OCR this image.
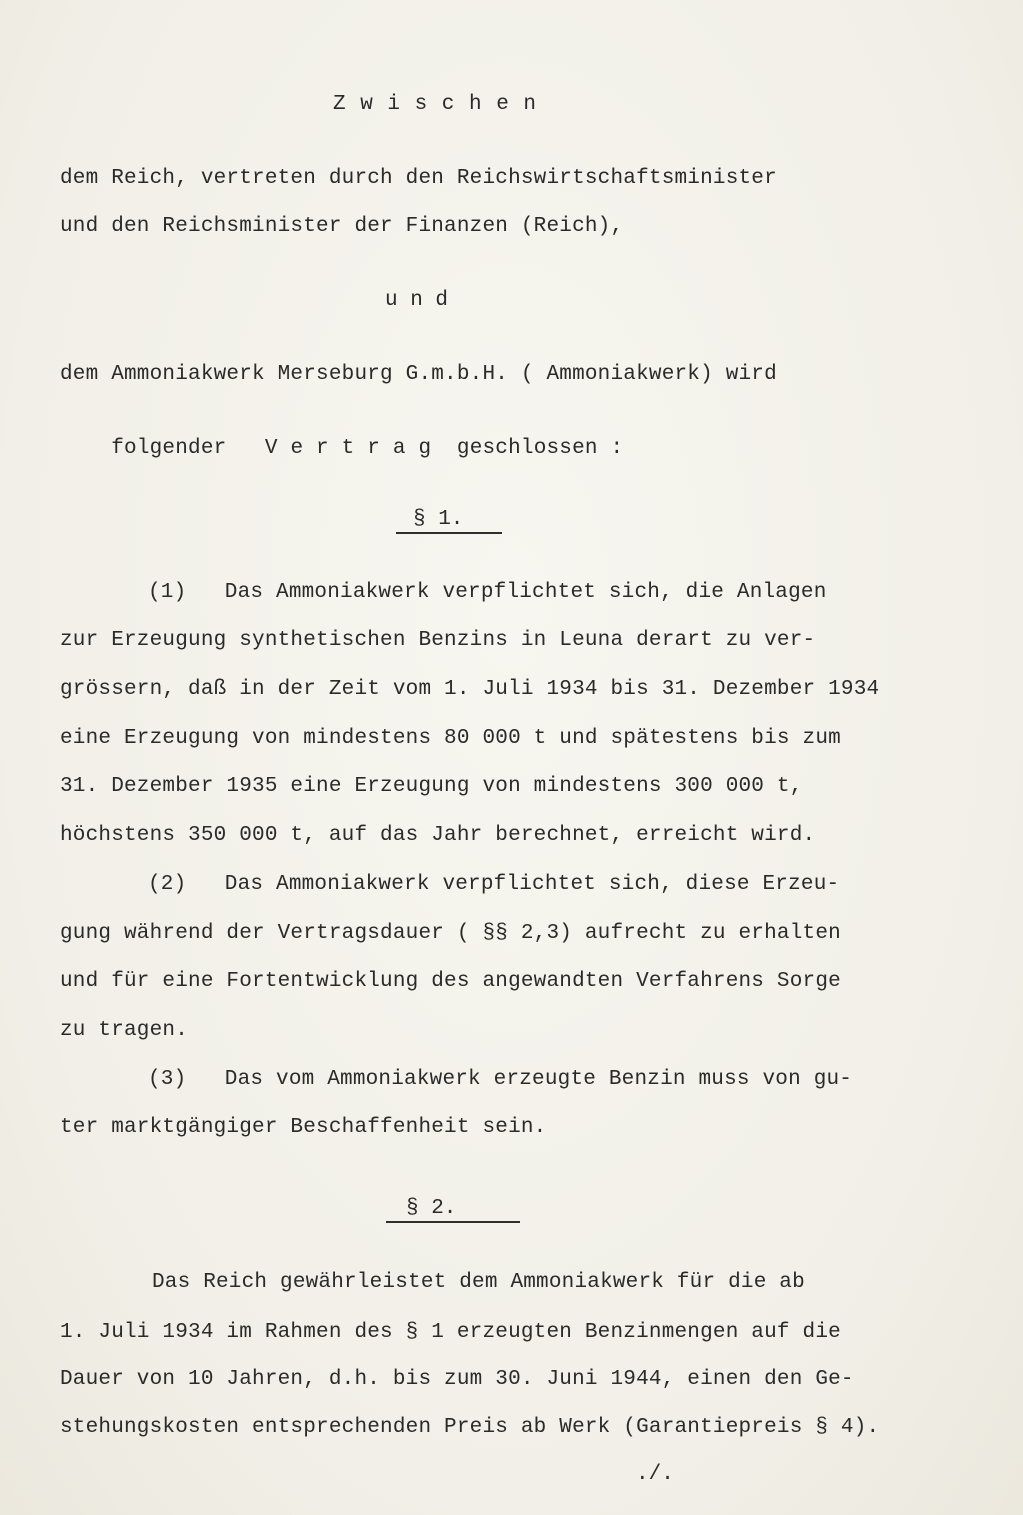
Z w i s c h e n
dem Reich, vertreten durch den Reichswirtschaftsminister
und den Reichsminister der Finanzen (Reich),
u n d
dem Ammoniakwerk Merseburg G.m.b.H. ( Ammoniakwerk) wird

folgender V e r t r a g geschlossen :

§ 1.
(1)   Das Ammoniakwerk verpflichtet sich, die Anlagen
zur Erzeugung synthetischen Benzins in Leuna derart zu ver-
grössern, daß in der Zeit vom 1. Juli 1934 bis 31. Dezember 1934
eine Erzeugung von mindestens 80 000 t und spätestens bis zum
31. Dezember 1935 eine Erzeugung von mindestens 300 000 t,
höchstens 350 000 t, auf das Jahr berechnet, erreicht wird.
(2)   Das Ammoniakwerk verpflichtet sich, diese Erzeu-
gung während der Vertragsdauer ( §§ 2,3) aufrecht zu erhalten
und für eine Fortentwicklung des angewandten Verfahrens Sorge
zu tragen.
(3)   Das vom Ammoniakwerk erzeugte Benzin muss von gu-
ter marktgängiger Beschaffenheit sein.
§ 2.
Das Reich gewährleistet dem Ammoniakwerk für die ab
1. Juli 1934 im Rahmen des § 1 erzeugten Benzinmengen auf die
Dauer von 10 Jahren, d.h. bis zum 30. Juni 1944, einen den Ge-
stehungskosten entsprechenden Preis ab Werk (Garantiepreis § 4).
./.
